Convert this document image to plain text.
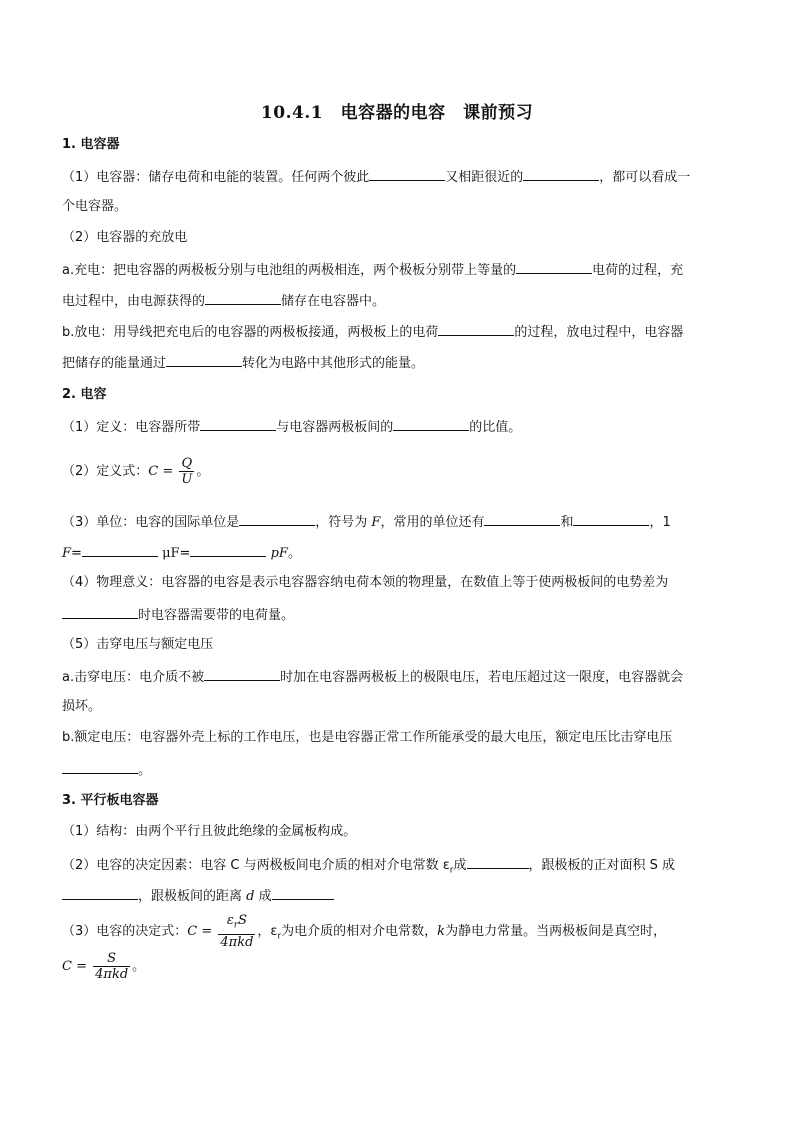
10.4.1　电容器的电容　课前预习
1. 电容器
（1）电容器：储存电荷和电能的装置。任何两个彼此	又相距很近的	，都可以看成一
个电容器。
（2）电容器的充放电
a.充电：把电容器的两极板分别与电池组的两极相连，两个极板分别带上等量的	电荷的过程，充
电过程中，由电源获得的	储存在电容器中。
b.放电：用导线把充电后的电容器的两极板接通，两极板上的电荷	的过程，放电过程中，电容器
把储存的能量通过	转化为电路中其他形式的能量。
2. 电容
（1）定义：电容器所带	与电容器两极板间的	的比值。
（2）定义式：$C = \frac{Q}{U}$ 。
（3）单位：电容的国际单位是	，符号为 F，常用的单位还有	和	，1
F=	μF=	pF。
（4）物理意义：电容器的电容是表示电容器容纳电荷本领的物理量，在数值上等于使两极板间的电势差为
时电容器需要带的电荷量。
（5）击穿电压与额定电压
a.击穿电压：电介质不被	时加在电容器两极板上的极限电压，若电压超过这一限度，电容器就会
损坏。
b.额定电压：电容器外壳上标的工作电压，也是电容器正常工作所能承受的最大电压，额定电压比击穿电压
。
3. 平行板电容器
（1）结构：由两个平行且彼此绝缘的金属板构成。
（2）电容的决定因素：电容 C 与两极板间电介质的相对介电常数 $\varepsilon_r$成	，跟极板的正对面积 S 成
，跟极板间的距离 d 成
（3）电容的决定式：$C = \frac{\varepsilon_rS}{\text{4πkd}}$ ，$\varepsilon_r$为电介质的相对介电常数，k为静电力常量。当两极板间是真空时，
$C = \frac{S}{\text{4πkd}}$ 。
